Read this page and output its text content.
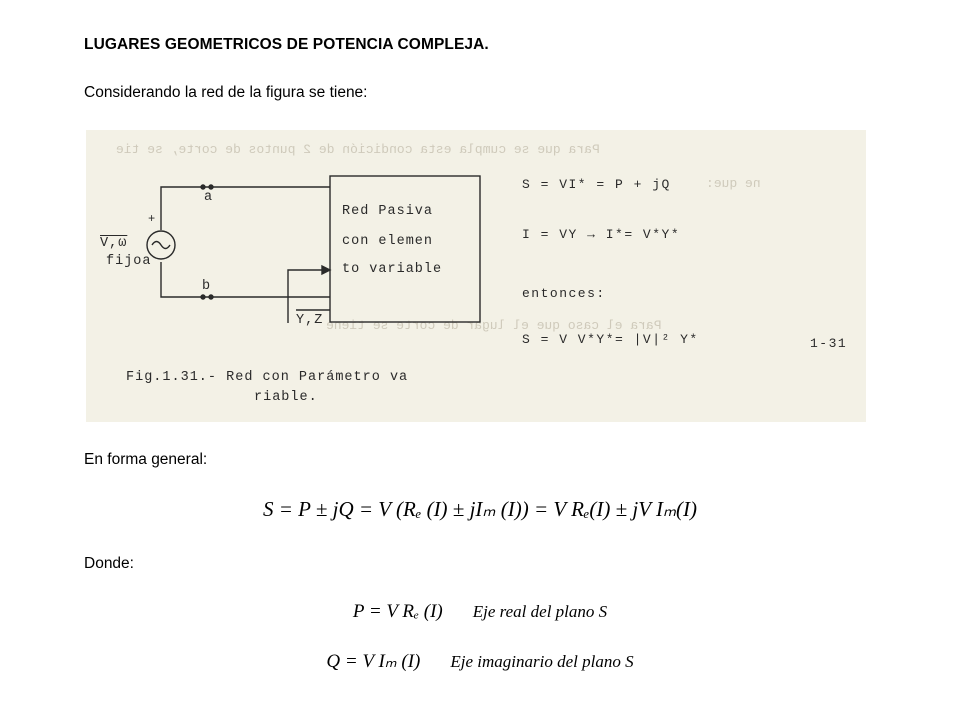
LUGARES GEOMETRICOS DE POTENCIA COMPLEJA.
Considerando la red de la figura se tiene:
Para que se cumpla esta condición de 2 puntos de corte, se tie
ne que:
Para el caso que el lugar de corte se tiene
Red Pasiva
con elemen
to variable
a
b
+
V,ω
fijoa
Y,Z
Fig.1.31.- Red con Parámetro va
riable.
S = VI* = P + jQ
I = VY → I*= V*Y*
entonces:
S = V V*Y*= |V|² Y*	1-31
En forma general:
S = P ± jQ = V (Rₑ (I) ± jIₘ (I)) = V Rₑ(I) ± jV Iₘ(I)
Donde:
P = V Rₑ (I) Eje real del plano S
Q = V Iₘ (I) Eje imaginario del plano S
